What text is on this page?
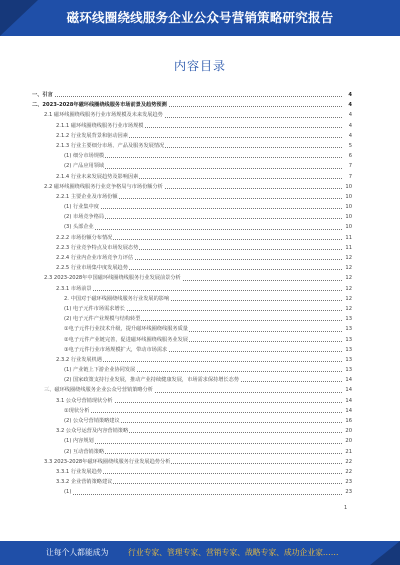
磁环线圈绕线服务企业公众号营销策略研究报告
内容目录
一、引言	4
二、2023-2028年磁环线圈绕线服务市场前景及趋势预测	4
2.1 磁环线圈绕线服务行业市场规模及未来发展趋势	4
2.1.1 磁环线圈绕线服务行业市场规模	4
2.1.2 行业发展背景和驱动因素	4
2.1.3 行业主要细分市场、产品及服务发展情况	5
(1) 细分市场规模	6
(2) 产品应用领域	7
2.1.4 行业未来发展趋势及影响因素	7
2.2 磁环线圈绕线服务行业竞争格局与市场份额分析	10
2.2.1 主要企业及市场份额	10
(1) 行业集中度	10
(2) 市场竞争格局	10
(3) 头部企业	10
2.2.2 市场份额分布情况	11
2.2.3 行业竞争特点及市场发展态势	11
2.2.4 行业内企业市场竞争力评估	12
2.2.5 行业市场集中度发展趋势	12
2.3 2023-2028年中国磁环线圈绕线服务行业发展前景分析	12
2.3.1 市场前景	12
2. 中国对于磁环线圈绕线服务行业发展的影响	12
(1) 电子元件市场需求增长	12
(2) 电子元件产业规模与结构转型	13
①电子元件行业技术升级，提升磁环线圈绕线服务质量	13
②电子元件产业链完善，促进磁环线圈绕线服务业发展	13
③电子元件行业市场规模扩大，带动市场需求	13
2.3.2 行业发展机遇	13
(1) 产业链上下游企业协同发展	13
(2) 国家政策支持行业发展，推动产业持续健康发展，市场需求保持增长态势	14
三、磁环线圈绕线服务企业公众号营销策略分析	14
3.1 公众号营销现状分析	14
①现状分析	14
(2) 公众号营销策略建议	16
3.2 公众号运营及内容营销策略	20
(1) 内容规划	20
(2) 互动营销策略	21
3.3 2023-2028年磁环线圈绕线服务行业发展趋势分析	22
3.3.1 行业发展趋势	22
3.3.2 企业营销策略建议	23
(1)	23
1
让每个人都能成为	行业专家、管理专家、营销专家、战略专家、成功企业家……
